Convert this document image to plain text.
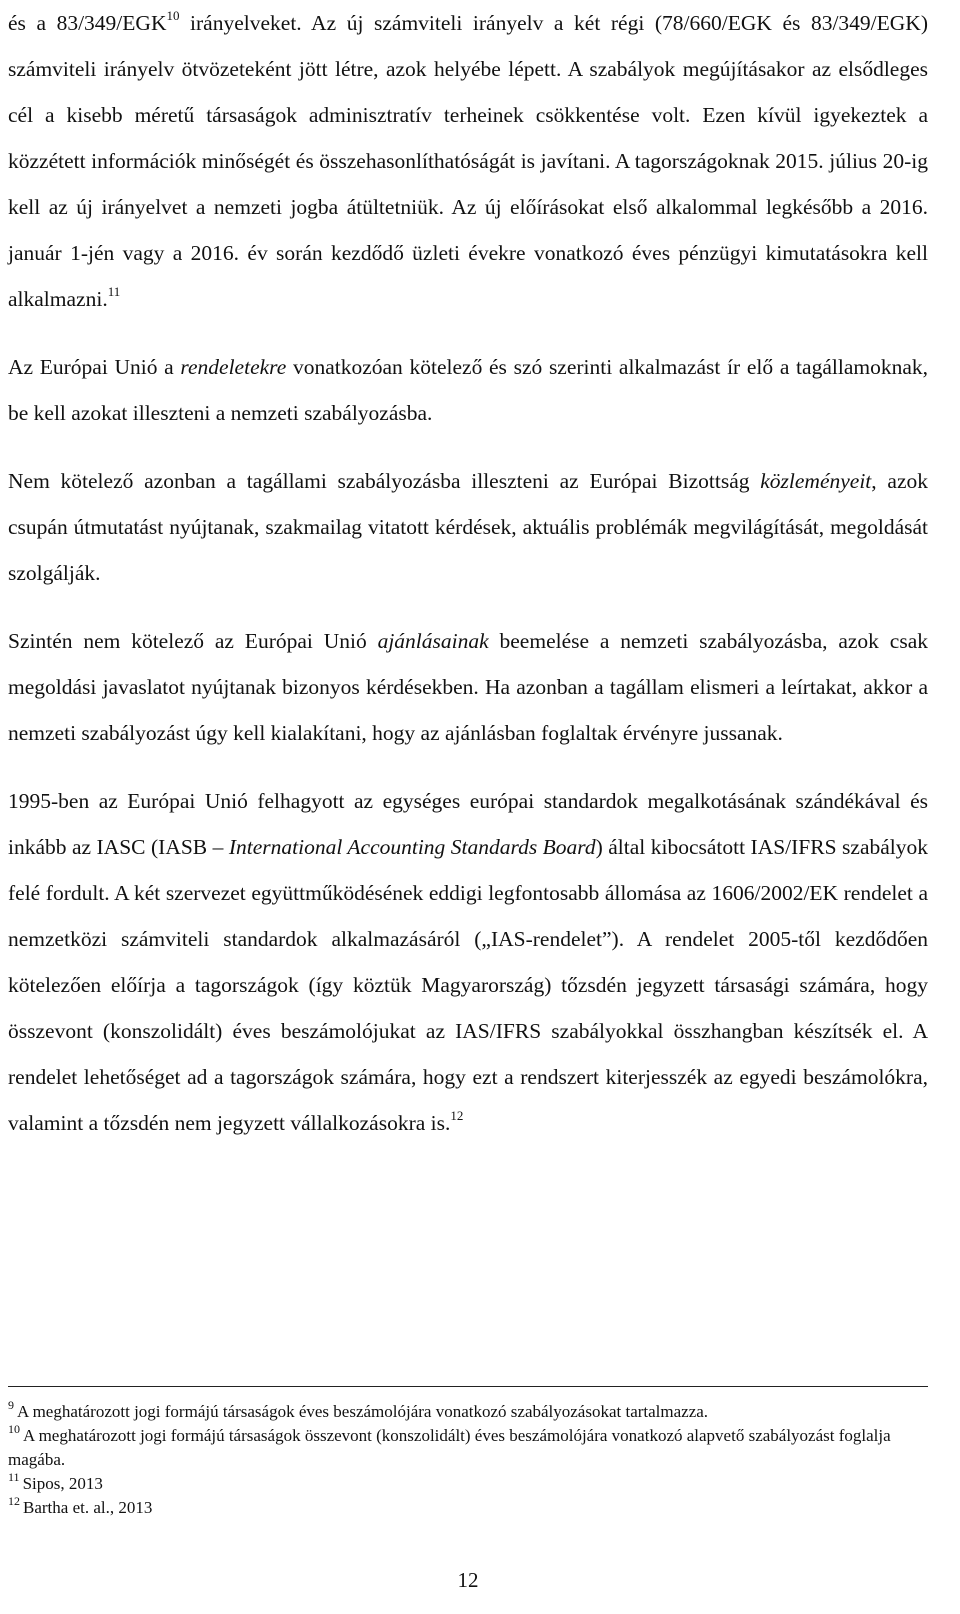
és a 83/349/EGK$^{10}$ irányelveket. Az új számviteli irányelv a két régi (78/660/EGK és 83/349/EGK) számviteli irányelv ötvözeteként jött létre, azok helyébe lépett. A szabályok megújításakor az elsődleges cél a kisebb méretű társaságok adminisztratív terheinek csökkentése volt. Ezen kívül igyekeztek a közzétett információk minőségét és összehasonlíthatóságát is javítani. A tagországoknak 2015. július 20-ig kell az új irányelvet a nemzeti jogba átültetniük. Az új előírásokat első alkalommal legkésőbb a 2016. január 1-jén vagy a 2016. év során kezdődő üzleti évekre vonatkozó éves pénzügyi kimutatásokra kell alkalmazni.$^{11}$

Az Európai Unió a rendeletekre vonatkozóan kötelező és szó szerinti alkalmazást ír elő a tagállamoknak, be kell azokat illeszteni a nemzeti szabályozásba.

Nem kötelező azonban a tagállami szabályozásba illeszteni az Európai Bizottság közleményeit, azok csupán útmutatást nyújtanak, szakmailag vitatott kérdések, aktuális problémák megvilágítását, megoldását szolgálják.

Szintén nem kötelező az Európai Unió ajánlásainak beemelése a nemzeti szabályozásba, azok csak megoldási javaslatot nyújtanak bizonyos kérdésekben. Ha azonban a tagállam elismeri a leírtakat, akkor a nemzeti szabályozást úgy kell kialakítani, hogy az ajánlásban foglaltak érvényre jussanak.

1995-ben az Európai Unió felhagyott az egységes európai standardok megalkotásának szándékával és inkább az IASC (IASB – International Accounting Standards Board) által kibocsátott IAS/IFRS szabályok felé fordult. A két szervezet együttműködésének eddigi legfontosabb állomása az 1606/2002/EK rendelet a nemzetközi számviteli standardok alkalmazásáról („IAS-rendelet”). A rendelet 2005-től kezdődően kötelezően előírja a tagországok (így köztük Magyarország) tőzsdén jegyzett társasági számára, hogy összevont (konszolidált) éves beszámolójukat az IAS/IFRS szabályokkal összhangban készítsék el. A rendelet lehetőséget ad a tagországok számára, hogy ezt a rendszert kiterjesszék az egyedi beszámolókra, valamint a tőzsdén nem jegyzett vállalkozásokra is.$^{12}$

$^9$ A meghatározott jogi formájú társaságok éves beszámolójára vonatkozó szabályozásokat tartalmazza.

$^{10}$ A meghatározott jogi formájú társaságok összevont (konszolidált) éves beszámolójára vonatkozó alapvető szabályozást foglalja magába.

$^{11}$ Sipos, 2013

$^{12}$ Bartha et. al., 2013

12
